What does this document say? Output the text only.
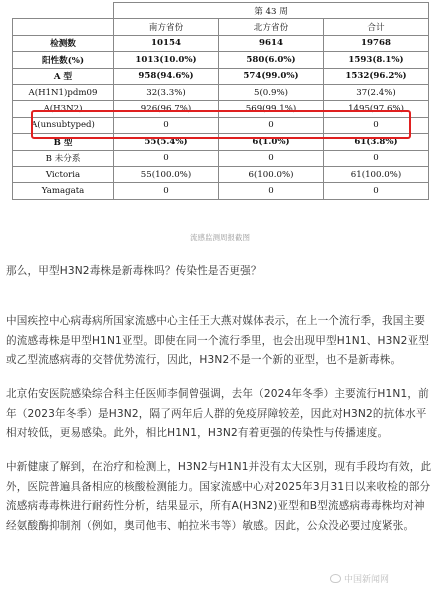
	第 43 周		
	南方省份	北方省份	合计
检测数	10154	9614	19768
阳性数(%)	1013(10.0%)	580(6.0%)	1593(8.1%)
A 型	958(94.6%)	574(99.0%)	1532(96.2%)
A(H1N1)pdm09	32(3.3%)	5(0.9%)	37(2.4%)
A(H3N2)	926(96.7%)	569(99.1%)	1495(97.6%)
A(unsubtyped)	0	0	0
B 型	55(5.4%)	6(1.0%)	61(3.8%)
B 未分系	0	0	0
Victoria	55(100.0%)	6(100.0%)	61(100.0%)
Yamagata	0	0	0
流感监测周报截图
那么，甲型H3N2毒株是新毒株吗？传染性是否更强？
中国疾控中心病毒病所国家流感中心主任王大燕对媒体表示，在上一个流行季，我国主要的流感毒株是甲型H1N1亚型。即使在同一个流行季里，也会出现甲型H1N1、H3N2亚型或乙型流感病毒的交替优势流行，因此，H3N2不是一个新的亚型，也不是新毒株。
北京佑安医院感染综合科主任医师李侗曾强调，去年（2024年冬季）主要流行H1N1，前年（2023年冬季）是H3N2，隔了两年后人群的免疫屏障较差，因此对H3N2的抗体水平相对较低，更易感染。此外，相比H1N1，H3N2有着更强的传染性与传播速度。
中新健康了解到，在治疗和检测上，H3N2与H1N1并没有太大区别，现有手段均有效，此外，医院普遍具备相应的核酸检测能力。国家流感中心对2025年3月31日以来收检的部分流感病毒毒株进行耐药性分析，结果显示，所有A(H3N2)亚型和B型流感病毒毒株均对神经氨酸酶抑制剂（例如，奥司他韦、帕拉米韦等）敏感。因此，公众没必要过度紧张。
中国新闻网
